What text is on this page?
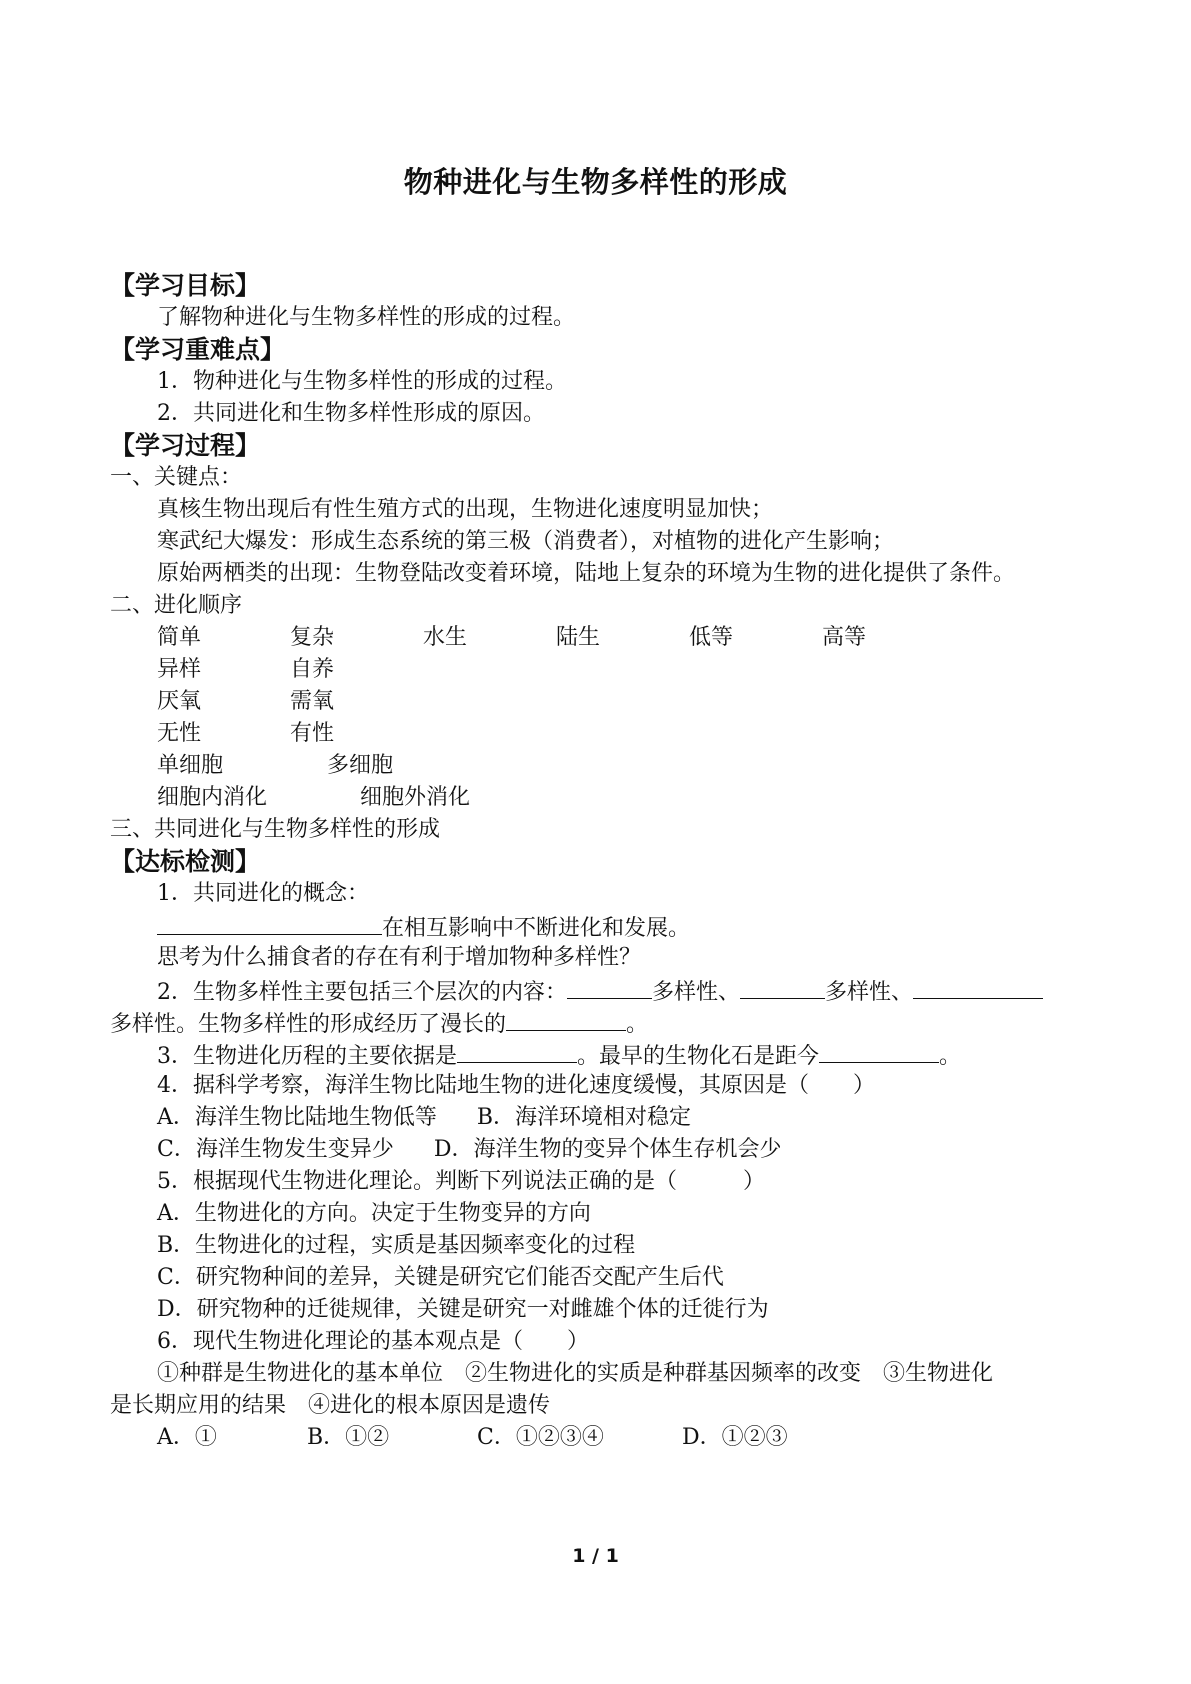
物种进化与生物多样性的形成
【学习目标】
了解物种进化与生物多样性的形成的过程。
【学习重难点】
1．物种进化与生物多样性的形成的过程。
2．共同进化和生物多样性形成的原因。
【学习过程】
一、关键点：
真核生物出现后有性生殖方式的出现，生物进化速度明显加快；
寒武纪大爆发：形成生态系统的第三极（消费者），对植物的进化产生影响；
原始两栖类的出现：生物登陆改变着环境，陆地上复杂的环境为生物的进化提供了条件。
二、进化顺序
简单	复杂	水生	陆生	低等	高等
异样	自养
厌氧	需氧
无性	有性
单细胞	多细胞
细胞内消化	细胞外消化
三、共同进化与生物多样性的形成
【达标检测】
1．共同进化的概念：
在相互影响中不断进化和发展。
思考为什么捕食者的存在有利于增加物种多样性？
2．生物多样性主要包括三个层次的内容：	多样性、	多样性、
多样性。生物多样性的形成经历了漫长的	。
3．生物进化历程的主要依据是	。最早的生物化石是距今	。
4．据科学考察，海洋生物比陆地生物的进化速度缓慢，其原因是（　　）
A．海洋生物比陆地生物低等 B．海洋环境相对稳定
C．海洋生物发生变异少 D．海洋生物的变异个体生存机会少
5．根据现代生物进化理论。判断下列说法正确的是（　　　）
A．生物进化的方向。决定于生物变异的方向
B．生物进化的过程，实质是基因频率变化的过程
C．研究物种间的差异，关键是研究它们能否交配产生后代
D．研究物种的迁徙规律，关键是研究一对雌雄个体的迁徙行为
6．现代生物进化理论的基本观点是（　　）
①种群是生物进化的基本单位　②生物进化的实质是种群基因频率的改变　③生物进化
是长期应用的结果　④进化的根本原因是遗传
A．①	B．①②	C．①②③④	D．①②③
1 / 1
